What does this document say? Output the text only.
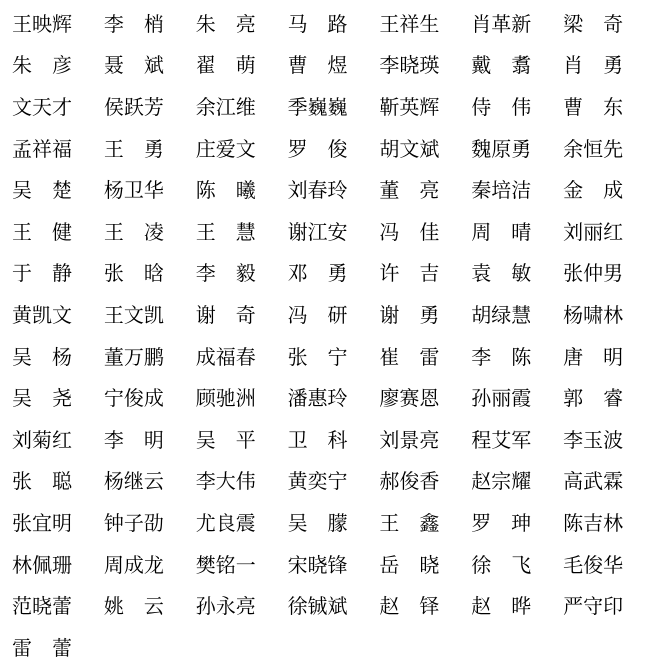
王映辉	李　梢	朱　亮	马　路	王祥生	肖革新	梁　奇
朱　彦	聂　斌	翟　萌	曹　煜	李晓瑛	戴　翥	肖　勇
文天才	侯跃芳	余江维	季巍巍	靳英辉	侍　伟	曹　东
孟祥福	王　勇	庄爱文	罗　俊	胡文斌	魏原勇	余恒先
吴　楚	杨卫华	陈　曦	刘春玲	董　亮	秦培洁	金　成
王　健	王　凌	王　慧	谢江安	冯　佳	周　晴	刘丽红
于　静	张　晗	李　毅	邓　勇	许　吉	袁　敏	张仲男
黄凯文	王文凯	谢　奇	冯　研	谢　勇	胡绿慧	杨啸林
吴　杨	董万鹏	成福春	张　宁	崔　雷	李　陈	唐　明
吴　尧	宁俊成	顾驰洲	潘惠玲	廖赛恩	孙丽霞	郭　睿
刘菊红	李　明	吴　平	卫　科	刘景亮	程艾军	李玉波
张　聪	杨继云	李大伟	黄奕宁	郝俊香	赵宗耀	高武霖
张宜明	钟子劭	尤良震	吴　朦	王　鑫	罗　珅	陈吉林
林佩珊	周成龙	樊铭一	宋晓锋	岳　晓	徐　飞	毛俊华
范晓蕾	姚　云	孙永亮	徐铖斌	赵　铎	赵　晔	严守印
雷　蕾
